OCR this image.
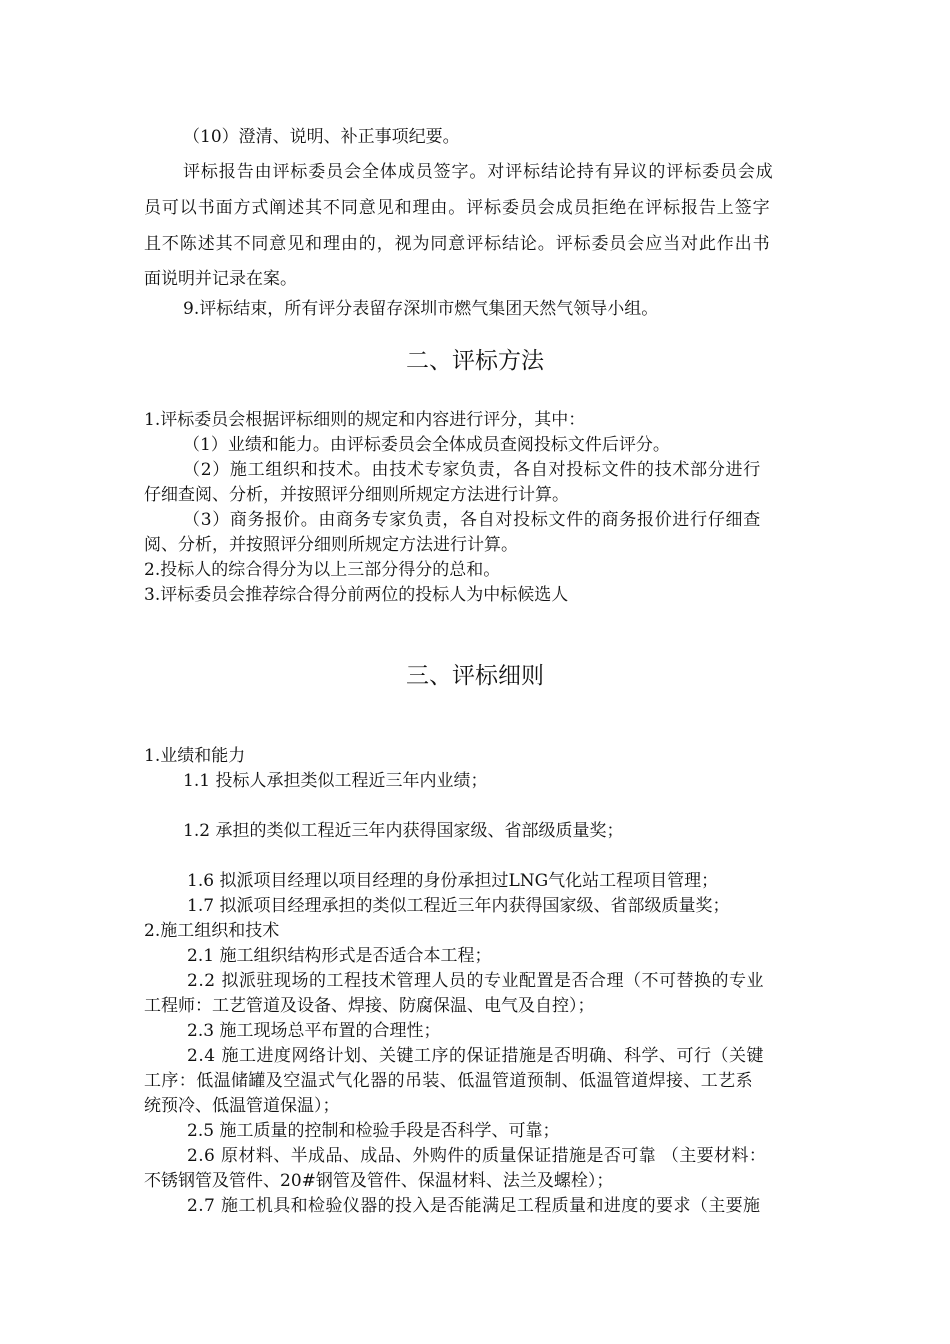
（10）澄清、说明、补正事项纪要。
评标报告由评标委员会全体成员签字。对评标结论持有异议的评标委员会成
员可以书面方式阐述其不同意见和理由。评标委员会成员拒绝在评标报告上签字
且不陈述其不同意见和理由的，视为同意评标结论。评标委员会应当对此作出书
面说明并记录在案。
9.评标结束，所有评分表留存深圳市燃气集团天然气领导小组。
二、评标方法
1.评标委员会根据评标细则的规定和内容进行评分，其中：
（1）业绩和能力。由评标委员会全体成员查阅投标文件后评分。
（2）施工组织和技术。由技术专家负责，各自对投标文件的技术部分进行
仔细查阅、分析，并按照评分细则所规定方法进行计算。
（3）商务报价。由商务专家负责，各自对投标文件的商务报价进行仔细查
阅、分析，并按照评分细则所规定方法进行计算。
2.投标人的综合得分为以上三部分得分的总和。
3.评标委员会推荐综合得分前两位的投标人为中标候选人
三、评标细则
1.业绩和能力
1.1 投标人承担类似工程近三年内业绩；
1.2 承担的类似工程近三年内获得国家级、省部级质量奖；
1.6 拟派项目经理以项目经理的身份承担过LNG气化站工程项目管理；
1.7 拟派项目经理承担的类似工程近三年内获得国家级、省部级质量奖；
2.施工组织和技术
2.1 施工组织结构形式是否适合本工程；
2.2 拟派驻现场的工程技术管理人员的专业配置是否合理（不可替换的专业
工程师：工艺管道及设备、焊接、防腐保温、电气及自控）；
2.3 施工现场总平布置的合理性；
2.4 施工进度网络计划、关键工序的保证措施是否明确、科学、可行（关键
工序：低温储罐及空温式气化器的吊装、低温管道预制、低温管道焊接、工艺系
统预冷、低温管道保温）；
2.5 施工质量的控制和检验手段是否科学、可靠；
2.6 原材料、半成品、成品、外购件的质量保证措施是否可靠 （主要材料：
不锈钢管及管件、20#钢管及管件、保温材料、法兰及螺栓）；
2.7 施工机具和检验仪器的投入是否能满足工程质量和进度的要求（主要施
